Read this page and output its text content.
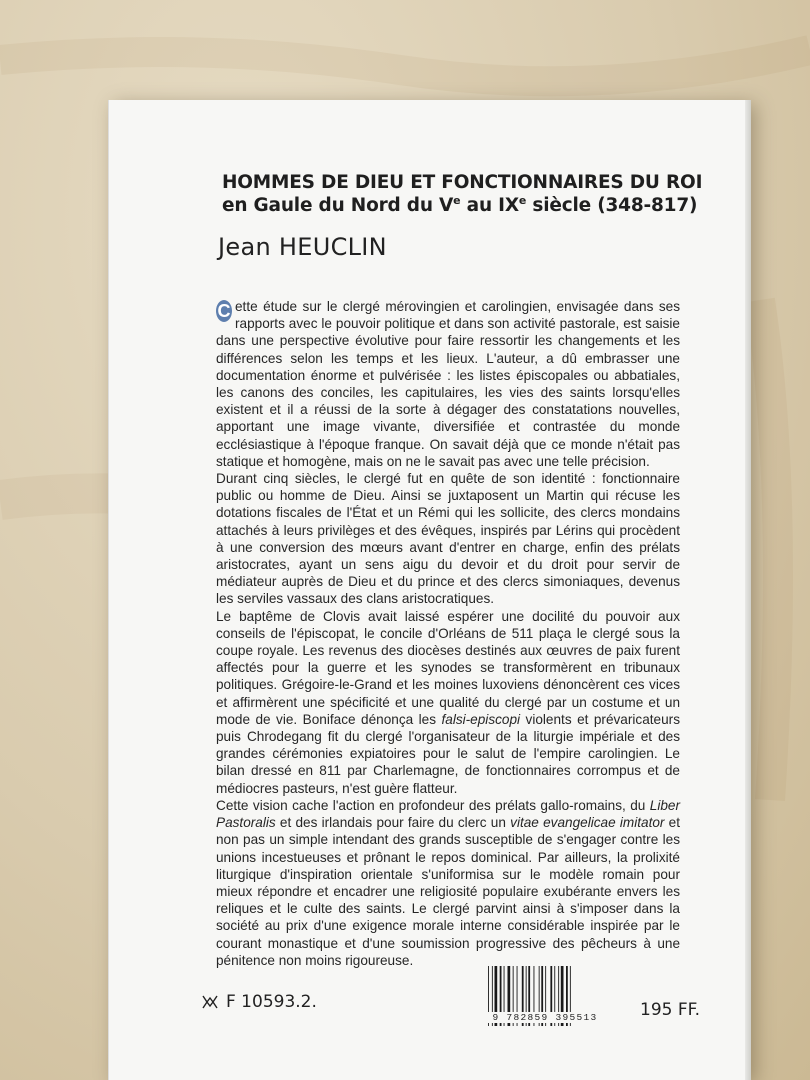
HOMMES DE DIEU ET FONCTIONNAIRES DU ROI
en Gaule du Nord du Ve au IXe siècle (348-817)
Jean HEUCLIN

C ette étude sur le clergé mérovingien et carolingien, envisagée dans ses rapports avec le pouvoir politique et dans son activité pastorale, est saisie dans une perspective évolutive pour faire ressortir les changements et les différences selon les temps et les lieux. L'auteur, a dû embrasser une documentation énorme et pulvérisée : les listes épiscopales ou abbatiales, les canons des conciles, les capitulaires, les vies des saints lorsqu'elles existent et il a réussi de la sorte à dégager des constatations nouvelles, apportant une image vivante, diversifiée et contrastée du monde ecclésiastique à l'époque franque. On savait déjà que ce monde n'était pas statique et homogène, mais on ne le savait pas avec une telle précision.

Durant cinq siècles, le clergé fut en quête de son identité : fonctionnaire public ou homme de Dieu. Ainsi se juxtaposent un Martin qui récuse les dotations fiscales de l'État et un Rémi qui les sollicite, des clercs mondains attachés à leurs privilèges et des évêques, inspirés par Lérins qui procèdent à une conversion des mœurs avant d'entrer en charge, enfin des prélats aristocrates, ayant un sens aigu du devoir et du droit pour servir de médiateur auprès de Dieu et du prince et des clercs simoniaques, devenus les serviles vassaux des clans aristocratiques.

Le baptême de Clovis avait laissé espérer une docilité du pouvoir aux conseils de l'épiscopat, le concile d'Orléans de 511 plaça le clergé sous la coupe royale. Les revenus des diocèses destinés aux œuvres de paix furent affectés pour la guerre et les synodes se transformèrent en tribunaux politiques. Grégoire-le-Grand et les moines luxoviens dénoncèrent ces vices et affirmèrent une spécificité et une qualité du clergé par un costume et un mode de vie. Boniface dénonça les falsi-episcopi violents et prévaricateurs puis Chrodegang fit du clergé l'organisateur de la liturgie impériale et des grandes cérémonies expiatoires pour le salut de l'empire carolingien. Le bilan dressé en 811 par Charlemagne, de fonctionnaires corrompus et de médiocres pasteurs, n'est guère flatteur.

Cette vision cache l'action en profondeur des prélats gallo-romains, du Liber Pastoralis et des irlandais pour faire du clerc un vitae evangelicae imitator et non pas un simple intendant des grands susceptible de s'engager contre les unions incestueuses et prônant le repos dominical. Par ailleurs, la prolixité liturgique d'inspiration orientale s'uniformisa sur le modèle romain pour mieux répondre et encadrer une religiosité populaire exubérante envers les reliques et le culte des saints. Le clergé parvint ainsi à s'imposer dans la société au prix d'une exigence morale interne considérable inspirée par le courant monastique et d'une soumission progressive des pêcheurs à une pénitence non moins rigoureuse.

F 10593.2.
9 782859 395513	195 FF.
